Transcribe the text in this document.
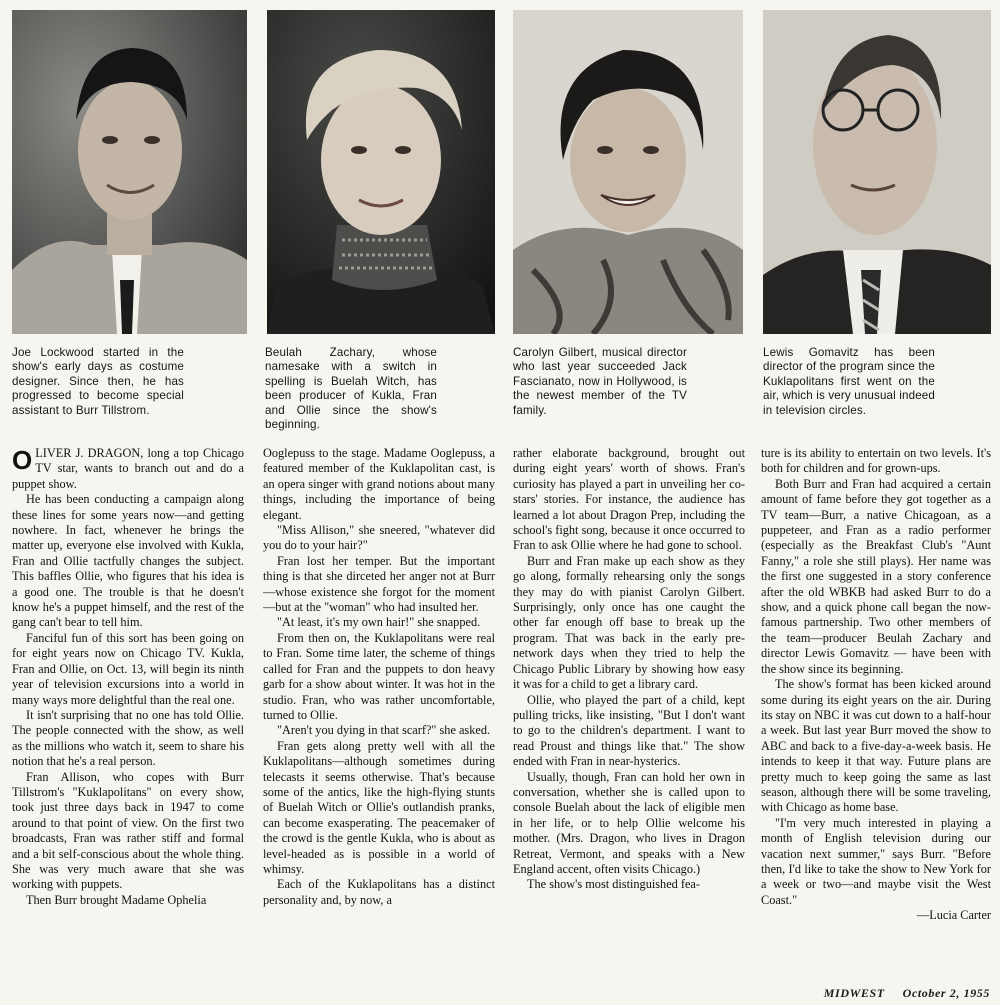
Joe Lockwood started in the show's early days as costume designer. Since then, he has progressed to become special assistant to Burr Tillstrom.
Beulah Zachary, whose namesake with a switch in spelling is Buelah Witch, has been producer of Kukla, Fran and Ollie since the show's beginning.
Carolyn Gilbert, musical director who last year succeeded Jack Fascianato, now in Hollywood, is the newest member of the TV family.
Lewis Gomavitz has been director of the program since the Kuklapolitans first went on the air, which is very unusual indeed in television circles.

OLIVER J. DRAGON, long a top Chicago TV star, wants to branch out and do a puppet show.

He has been conducting a campaign along these lines for some years now—and getting nowhere. In fact, whenever he brings the matter up, everyone else involved with Kukla, Fran and Ollie tactfully changes the subject. This baffles Ollie, who figures that his idea is a good one. The trouble is that he doesn't know he's a puppet himself, and the rest of the gang can't bear to tell him.

Fanciful fun of this sort has been going on for eight years now on Chicago TV. Kukla, Fran and Ollie, on Oct. 13, will begin its ninth year of television excursions into a world in many ways more delightful than the real one.

It isn't surprising that no one has told Ollie. The people connected with the show, as well as the millions who watch it, seem to share his notion that he's a real person.

Fran Allison, who copes with Burr Tillstrom's "Kuklapolitans" on every show, took just three days back in 1947 to come around to that point of view. On the first two broadcasts, Fran was rather stiff and formal and a bit self-conscious about the whole thing. She was very much aware that she was working with puppets.

Then Burr brought Madame Ophelia

Ooglepuss to the stage. Madame Ooglepuss, a featured member of the Kuklapolitan cast, is an opera singer with grand notions about many things, including the importance of being elegant.

"Miss Allison," she sneered, "whatever did you do to your hair?"

Fran lost her temper. But the important thing is that she dirceted her anger not at Burr—whose existence she forgot for the moment—but at the "woman" who had insulted her.

"At least, it's my own hair!" she snapped.

From then on, the Kuklapolitans were real to Fran. Some time later, the scheme of things called for Fran and the puppets to don heavy garb for a show about winter. It was hot in the studio. Fran, who was rather uncomfortable, turned to Ollie.

"Aren't you dying in that scarf?" she asked.

Fran gets along pretty well with all the Kuklapolitans—although sometimes during telecasts it seems otherwise. That's because some of the antics, like the high-flying stunts of Buelah Witch or Ollie's outlandish pranks, can become exasperating. The peacemaker of the crowd is the gentle Kukla, who is about as level-headed as is possible in a world of whimsy.

Each of the Kuklapolitans has a distinct personality and, by now, a

rather elaborate background, brought out during eight years' worth of shows. Fran's curiosity has played a part in unveiling her co-stars' stories. For instance, the audience has learned a lot about Dragon Prep, including the school's fight song, because it once occurred to Fran to ask Ollie where he had gone to school.

Burr and Fran make up each show as they go along, formally rehearsing only the songs they may do with pianist Carolyn Gilbert. Surprisingly, only once has one caught the other far enough off base to break up the program. That was back in the early pre-network days when they tried to help the Chicago Public Library by showing how easy it was for a child to get a library card.

Ollie, who played the part of a child, kept pulling tricks, like insisting, "But I don't want to go to the children's department. I want to read Proust and things like that." The show ended with Fran in near-hysterics.

Usually, though, Fran can hold her own in conversation, whether she is called upon to console Buelah about the lack of eligible men in her life, or to help Ollie welcome his mother. (Mrs. Dragon, who lives in Dragon Retreat, Vermont, and speaks with a New England accent, often visits Chicago.)

The show's most distinguished fea-

ture is its ability to entertain on two levels. It's both for children and for grown-ups.

Both Burr and Fran had acquired a certain amount of fame before they got together as a TV team—Burr, a native Chicagoan, as a puppeteer, and Fran as a radio performer (especially as the Breakfast Club's "Aunt Fanny," a role she still plays). Her name was the first one suggested in a story conference after the old WBKB had asked Burr to do a show, and a quick phone call began the now-famous partnership. Two other members of the team—producer Beulah Zachary and director Lewis Gomavitz — have been with the show since its beginning.

The show's format has been kicked around some during its eight years on the air. During its stay on NBC it was cut down to a half-hour a week. But last year Burr moved the show to ABC and back to a five-day-a-week basis. He intends to keep it that way. Future plans are pretty much to keep going the same as last season, although there will be some traveling, with Chicago as home base.

"I'm very much interested in playing a month of English television during our vacation next summer," says Burr. "Before then, I'd like to take the show to New York for a week or two—and maybe visit the West Coast."

—Lucia Carter

MIDWEST October 2, 1955
